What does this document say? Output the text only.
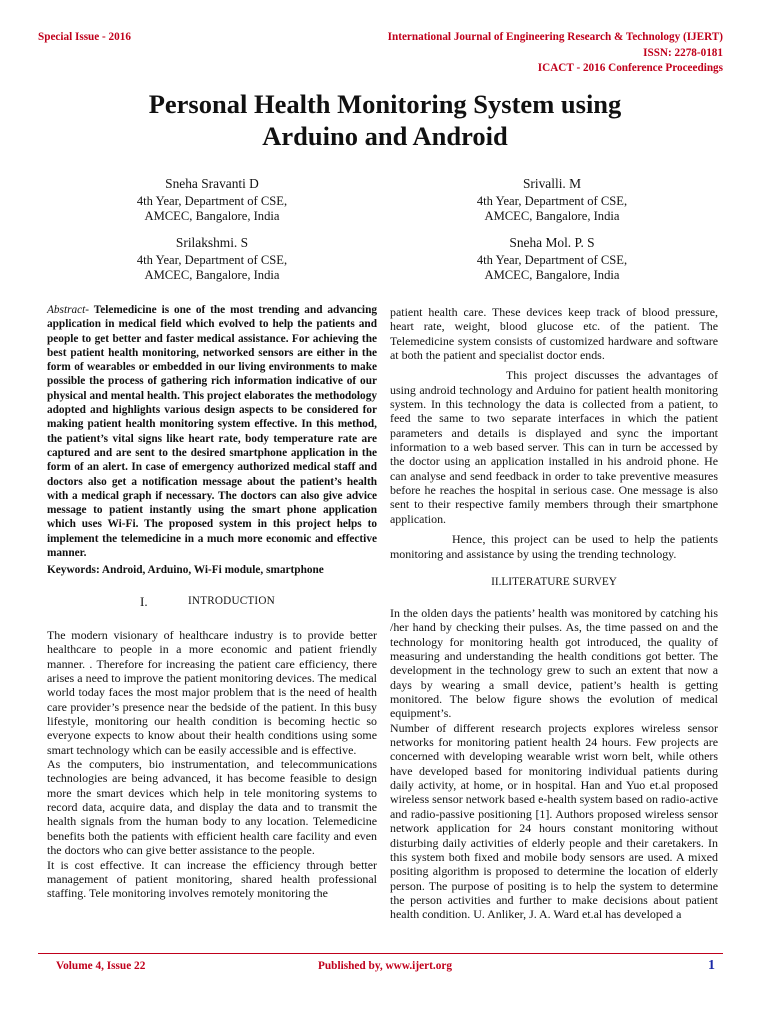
Special Issue - 2016	International Journal of Engineering Research & Technology (IJERT)
ISSN: 2278-0181
ICACT - 2016 Conference Proceedings
Personal Health Monitoring System using
Arduino and Android
Sneha Sravanti D
4th Year, Department of CSE,
AMCEC, Bangalore, India
Srivalli. M
4th Year, Department of CSE,
AMCEC, Bangalore, India
Srilakshmi. S
4th Year, Department of CSE,
AMCEC, Bangalore, India
Sneha Mol. P. S
4th Year, Department of CSE,
AMCEC, Bangalore, India
Abstract- Telemedicine is one of the most trending and advancing application in medical field which evolved to help the patients and people to get better and faster medical assistance. For achieving the best patient health monitoring, networked sensors are either in the form of wearables or embedded in our living environments to make possible the process of gathering rich information indicative of our physical and mental health. This project elaborates the methodology adopted and highlights various design aspects to be considered for making patient health monitoring system effective. In this method, the patient’s vital signs like heart rate, body temperature rate are captured and are sent to the desired smartphone application in the form of an alert. In case of emergency authorized medical staff and doctors also get a notification message about the patient’s health with a medical graph if necessary. The doctors can also give advice message to patient instantly using the smart phone application which uses Wi-Fi. The proposed system in this project helps to implement the telemedicine in a much more economic and effective manner.
Keywords: Android, Arduino, Wi-Fi module, smartphone
I.	INTRODUCTION

The modern visionary of healthcare industry is to provide better healthcare to people in a more economic and patient friendly manner. . Therefore for increasing the patient care efficiency, there arises a need to improve the patient monitoring devices. The medical world today faces the most major problem that is the need of health care provider’s presence near the bedside of the patient. In this busy lifestyle, monitoring our health condition is becoming hectic so everyone expects to know about their health conditions using some smart technology which can be easily accessible and is effective.

As the computers, bio instrumentation, and telecommunications technologies are being advanced, it has become feasible to design more the smart devices which help in tele monitoring systems to record data, acquire data, and display the data and to transmit the health signals from the human body to any location. Telemedicine benefits both the patients with efficient health care facility and even the doctors who can give better assistance to the people.

It is cost effective. It can increase the efficiency through better management of patient monitoring, shared health professional staffing. Tele monitoring involves remotely monitoring the

patient health care. These devices keep track of blood pressure, heart rate, weight, blood glucose etc. of the patient. The Telemedicine system consists of customized hardware and software at both the patient and specialist doctor ends.

This project discusses the advantages of using android technology and Arduino for patient health monitoring system. In this technology the data is collected from a patient, to feed the same to two separate interfaces in which the patient parameters and details is displayed and sync the important information to a web based server. This can in turn be accessed by the doctor using an application installed in his android phone. He can analyse and send feedback in order to take preventive measures before he reaches the hospital in serious case. One message is also sent to their respective family members through their smartphone application.

Hence, this project can be used to help the patients monitoring and assistance by using the trending technology.

II.LITERATURE SURVEY

In the olden days the patients’ health was monitored by catching his /her hand by checking their pulses. As, the time passed on and the technology for monitoring health got introduced, the quality of measuring and understanding the health conditions got better. The development in the technology grew to such an extent that now a days by wearing a small device, patient’s health is getting monitored. The below figure shows the evolution of medical equipment’s.

Number of different research projects explores wireless sensor networks for monitoring patient health 24 hours. Few projects are concerned with developing wearable wrist worn belt, while others have developed based for monitoring individual patients during daily activity, at home, or in hospital. Han and Yuo et.al proposed wireless sensor network based e-health system based on radio-active and radio-passive positioning [1]. Authors proposed wireless sensor network application for 24 hours constant monitoring without disturbing daily activities of elderly people and their caretakers. In this system both fixed and mobile body sensors are used. A mixed positing algorithm is proposed to determine the location of elderly person. The purpose of positing is to help the system to determine the person activities and further to make decisions about patient health condition. U. Anliker, J. A. Ward et.al has developed a

Volume 4, Issue 22	Published by, www.ijert.org	1
